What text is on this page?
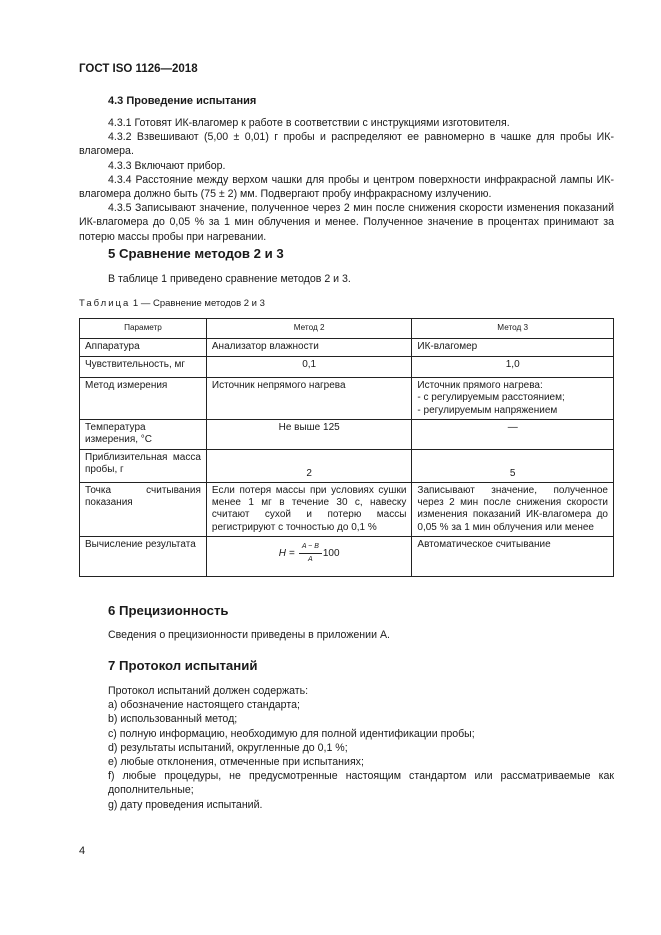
ГОСТ ISO 1126—2018
4.3 Проведение испытания
4.3.1 Готовят ИК-влагомер к работе в соответствии с инструкциями изготовителя.
4.3.2 Взвешивают (5,00 ± 0,01) г пробы и распределяют ее равномерно в чашке для пробы ИК-влагомера.
4.3.3 Включают прибор.
4.3.4 Расстояние между верхом чашки для пробы и центром поверхности инфракрасной лампы ИК-влагомера должно быть (75 ± 2) мм. Подвергают пробу инфракрасному излучению.
4.3.5 Записывают значение, полученное через 2 мин после снижения скорости изменения показаний ИК-влагомера до 0,05 % за 1 мин облучения и менее. Полученное значение в процентах принимают за потерю массы пробы при нагревании.
5 Сравнение методов 2 и 3
В таблице 1 приведено сравнение методов 2 и 3.
Таблица 1 — Сравнение методов 2 и 3
Параметр	Метод 2	Метод 3
Аппаратура	Анализатор влажности	ИК-влагомер
Чувствительность, мг	0,1	1,0
Метод измерения	Источник непрямого нагрева	Источник прямого нагрева:
- с регулируемым расстоянием;
- регулируемым напряжением

Температура измерения, °С	Не выше 125	—
Приблизительная масса пробы, г	2	5
Точка считывания показания	Если потеря массы при условиях сушки менее 1 мг в течение 30 с, навеску считают сухой и потерю массы регистрируют с точностью до 0,1 %	Записывают значение, полученное через 2 мин после снижения скорости изменения показаний ИК-влагомера до 0,05 % за 1 мин облучения или менее
Вычисление результата	$H = \frac{A - B}{A} 100$	Автоматическое считывание
6 Прецизионность
Сведения о прецизионности приведены в приложении А.
7 Протокол испытаний
Протокол испытаний должен содержать:
a) обозначение настоящего стандарта;
b) использованный метод;
c) полную информацию, необходимую для полной идентификации пробы;
d) результаты испытаний, округленные до 0,1 %;
e) любые отклонения, отмеченные при испытаниях;
f) любые процедуры, не предусмотренные настоящим стандартом или рассматриваемые как дополнительные;
g) дату проведения испытаний.
4
